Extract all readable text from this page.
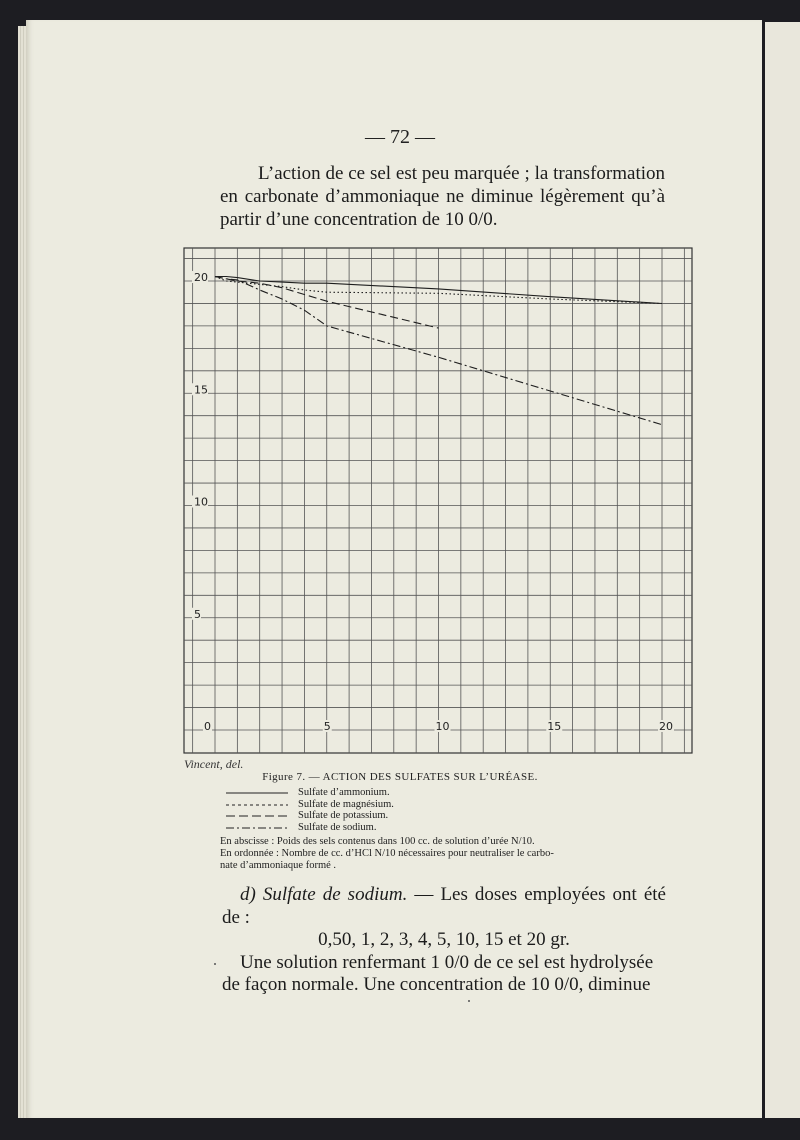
— 72 —
L’action de ce sel est peu marquée ; la transformation en carbonate d’ammoniaque ne diminue légèrement qu’à partir d’une concentration de 10 0/0.
0	5	10	15	20
5
10
15
20
Vincent, del.
Figure 7. — ACTION DES SULFATES SUR L’URÉASE.
Sulfate d’ammonium.
Sulfate de magnésium.
Sulfate de potassium.
Sulfate de sodium.
En abscisse : Poids des sels contenus dans 100 cc. de solution d’urée N/10.
En ordonnée : Nombre de cc. d’HCl N/10 nécessaires pour neutraliser le carbo-
nate d’ammoniaque formé .
d) Sulfate de sodium. — Les doses employées ont été de :
0,50, 1, 2, 3, 4, 5, 10, 15 et 20 gr.
Une solution renfermant 1 0/0 de ce sel est hydrolysée
de façon normale. Une concentration de 10 0/0, diminue
